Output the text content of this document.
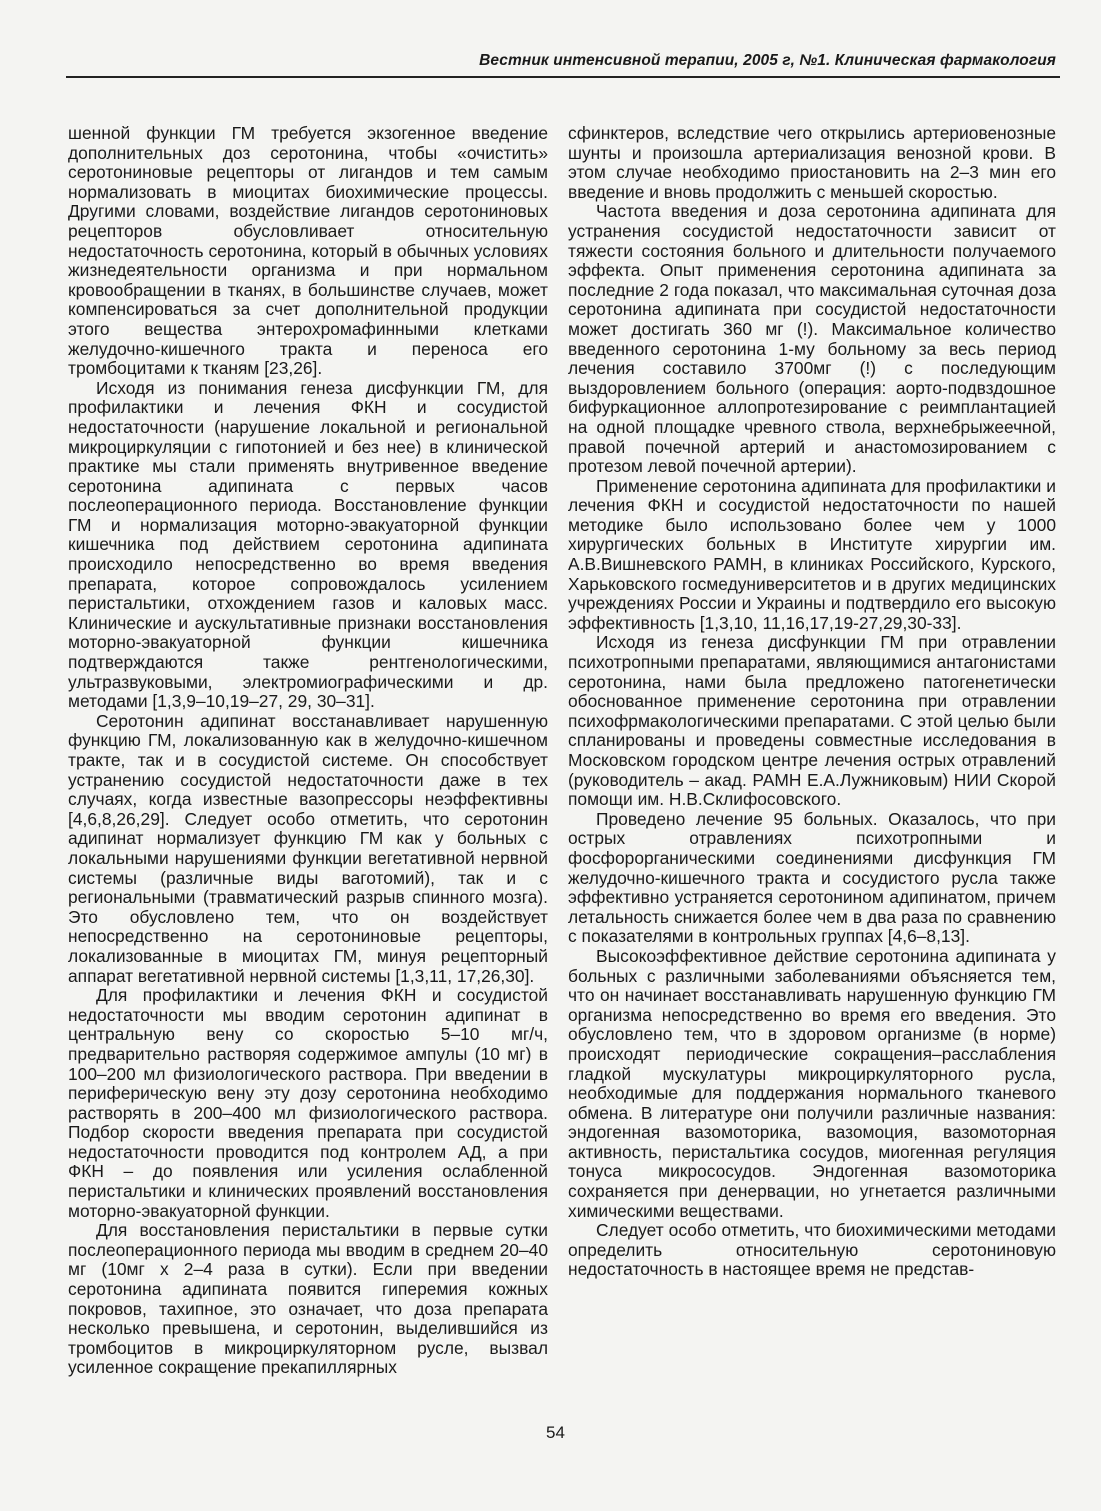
Вестник интенсивной терапии, 2005 г, №1. Клиническая фармакология

шенной функции ГМ требуется экзогенное введение дополнительных доз серотонина, чтобы «очистить» серотониновые рецепторы от лигандов и тем самым нормализовать в миоцитах биохимические процессы. Другими словами, воздействие лигандов серотониновых рецепторов обусловливает относительную недостаточность серотонина, который в обычных условиях жизнедеятельности организма и при нормальном кровообращении в тканях, в большинстве случаев, может компенсироваться за счет дополнительной продукции этого вещества энтерохромафинными клетками желудочно-кишечного тракта и переноса его тромбоцитами к тканям [23,26].

Исходя из понимания генеза дисфункции ГМ, для профилактики и лечения ФКН и сосудистой недостаточности (нарушение локальной и региональной микроциркуляции с гипотонией и без нее) в клинической практике мы стали применять внутривенное введение серотонина адипината с первых часов послеоперационного периода. Восстановление функции ГМ и нормализация моторно-эвакуаторной функции кишечника под действием серотонина адипината происходило непосредственно во время введения препарата, которое сопровождалось усилением перистальтики, отхождением газов и каловых масс. Клинические и аускультативные признаки восстановления моторно-эвакуаторной функции кишечника подтверждаются также рентгенологическими, ультразвуковыми, электромиографическими и др. методами [1,3,9–10,19–27, 29, 30–31].

Серотонин адипинат восстанавливает нарушенную функцию ГМ, локализованную как в желудочно-кишечном тракте, так и в сосудистой системе. Он способствует устранению сосудистой недостаточности даже в тех случаях, когда известные вазопрессоры неэффективны [4,6,8,26,29]. Следует особо отметить, что серотонин адипинат нормализует функцию ГМ как у больных с локальными нарушениями функции вегетативной нервной системы (различные виды ваготомий), так и с региональными (травматический разрыв спинного мозга). Это обусловлено тем, что он воздействует непосредственно на серотониновые рецепторы, локализованные в миоцитах ГМ, минуя рецепторный аппарат вегетативной нервной системы [1,3,11, 17,26,30].

Для профилактики и лечения ФКН и сосудистой недостаточности мы вводим серотонин адипинат в центральную вену со скоростью 5–10 мг/ч, предварительно растворяя содержимое ампулы (10 мг) в 100–200 мл физиологического раствора. При введении в периферическую вену эту дозу серотонина необходимо растворять в 200–400 мл физиологического раствора. Подбор скорости введения препарата при сосудистой недостаточности проводится под контролем АД, а при ФКН – до появления или усиления ослабленной перистальтики и клинических проявлений восстановления моторно-эвакуаторной функции.

Для восстановления перистальтики в первые сутки послеоперационного периода мы вводим в среднем 20–40 мг (10мг х 2–4 раза в сутки). Если при введении серотонина адипината появится гиперемия кожных покровов, тахипное, это означает, что доза препарата несколько превышена, и серотонин, выделившийся из тромбоцитов в микроциркуляторном русле, вызвал усиленное сокращение прекапиллярных

сфинктеров, вследствие чего открылись артериовенозные шунты и произошла артериализация венозной крови. В этом случае необходимо приостановить на 2–3 мин его введение и вновь продолжить с меньшей скоростью.

Частота введения и доза серотонина адипината для устранения сосудистой недостаточности зависит от тяжести состояния больного и длительности получаемого эффекта. Опыт применения серотонина адипината за последние 2 года показал, что максимальная суточная доза серотонина адипината при сосудистой недостаточности может достигать 360 мг (!). Максимальное количество введенного серотонина 1-му больному за весь период лечения составило 3700мг (!) с последующим выздоровлением больного (операция: аорто-подвздошное бифуркационное аллопротезирование с реимплантацией на одной площадке чревного ствола, верхнебрыжеечной, правой почечной артерий и анастомозированием с протезом левой почечной артерии).

Применение серотонина адипината для профилактики и лечения ФКН и сосудистой недостаточности по нашей методике было использовано более чем у 1000 хирургических больных в Институте хирургии им. А.В.Вишневского РАМН, в клиниках Российского, Курского, Харьковского госмедуниверситетов и в других медицинских учреждениях России и Украины и подтвердило его высокую эффективность [1,3,10, 11,16,17,19-27,29,30-33].

Исходя из генеза дисфункции ГМ при отравлении психотропными препаратами, являющимися антагонистами серотонина, нами была предложено патогенетически обоснованное применение серотонина при отравлении психофрмакологическими препаратами. С этой целью были спланированы и проведены совместные исследования в Московском городском центре лечения острых отравлений (руководитель – акад. РАМН Е.А.Лужниковым) НИИ Скорой помощи им. Н.В.Склифосовского.

Проведено лечение 95 больных. Оказалось, что при острых отравлениях психотропными и фосфорорганическими соединениями дисфункция ГМ желудочно-кишечного тракта и сосудистого русла также эффективно устраняется серотонином адипинатом, причем летальность снижается более чем в два раза по сравнению с показателями в контрольных группах [4,6–8,13].

Высокоэффективное действие серотонина адипината у больных с различными заболеваниями объясняется тем, что он начинает восстанавливать нарушенную функцию ГМ организма непосредственно во время его введения. Это обусловлено тем, что в здоровом организме (в норме) происходят периодические сокращения–расслабления гладкой мускулатуры микроциркуляторного русла, необходимые для поддержания нормального тканевого обмена. В литературе они получили различные названия: эндогенная вазомоторика, вазомоция, вазомоторная активность, перистальтика сосудов, миогенная регуляция тонуса микрососудов. Эндогенная вазомоторика сохраняется при денервации, но угнетается различными химическими веществами.

Следует особо отметить, что биохимическими методами определить относительную серотониновую недостаточность в настоящее время не представ-

54
